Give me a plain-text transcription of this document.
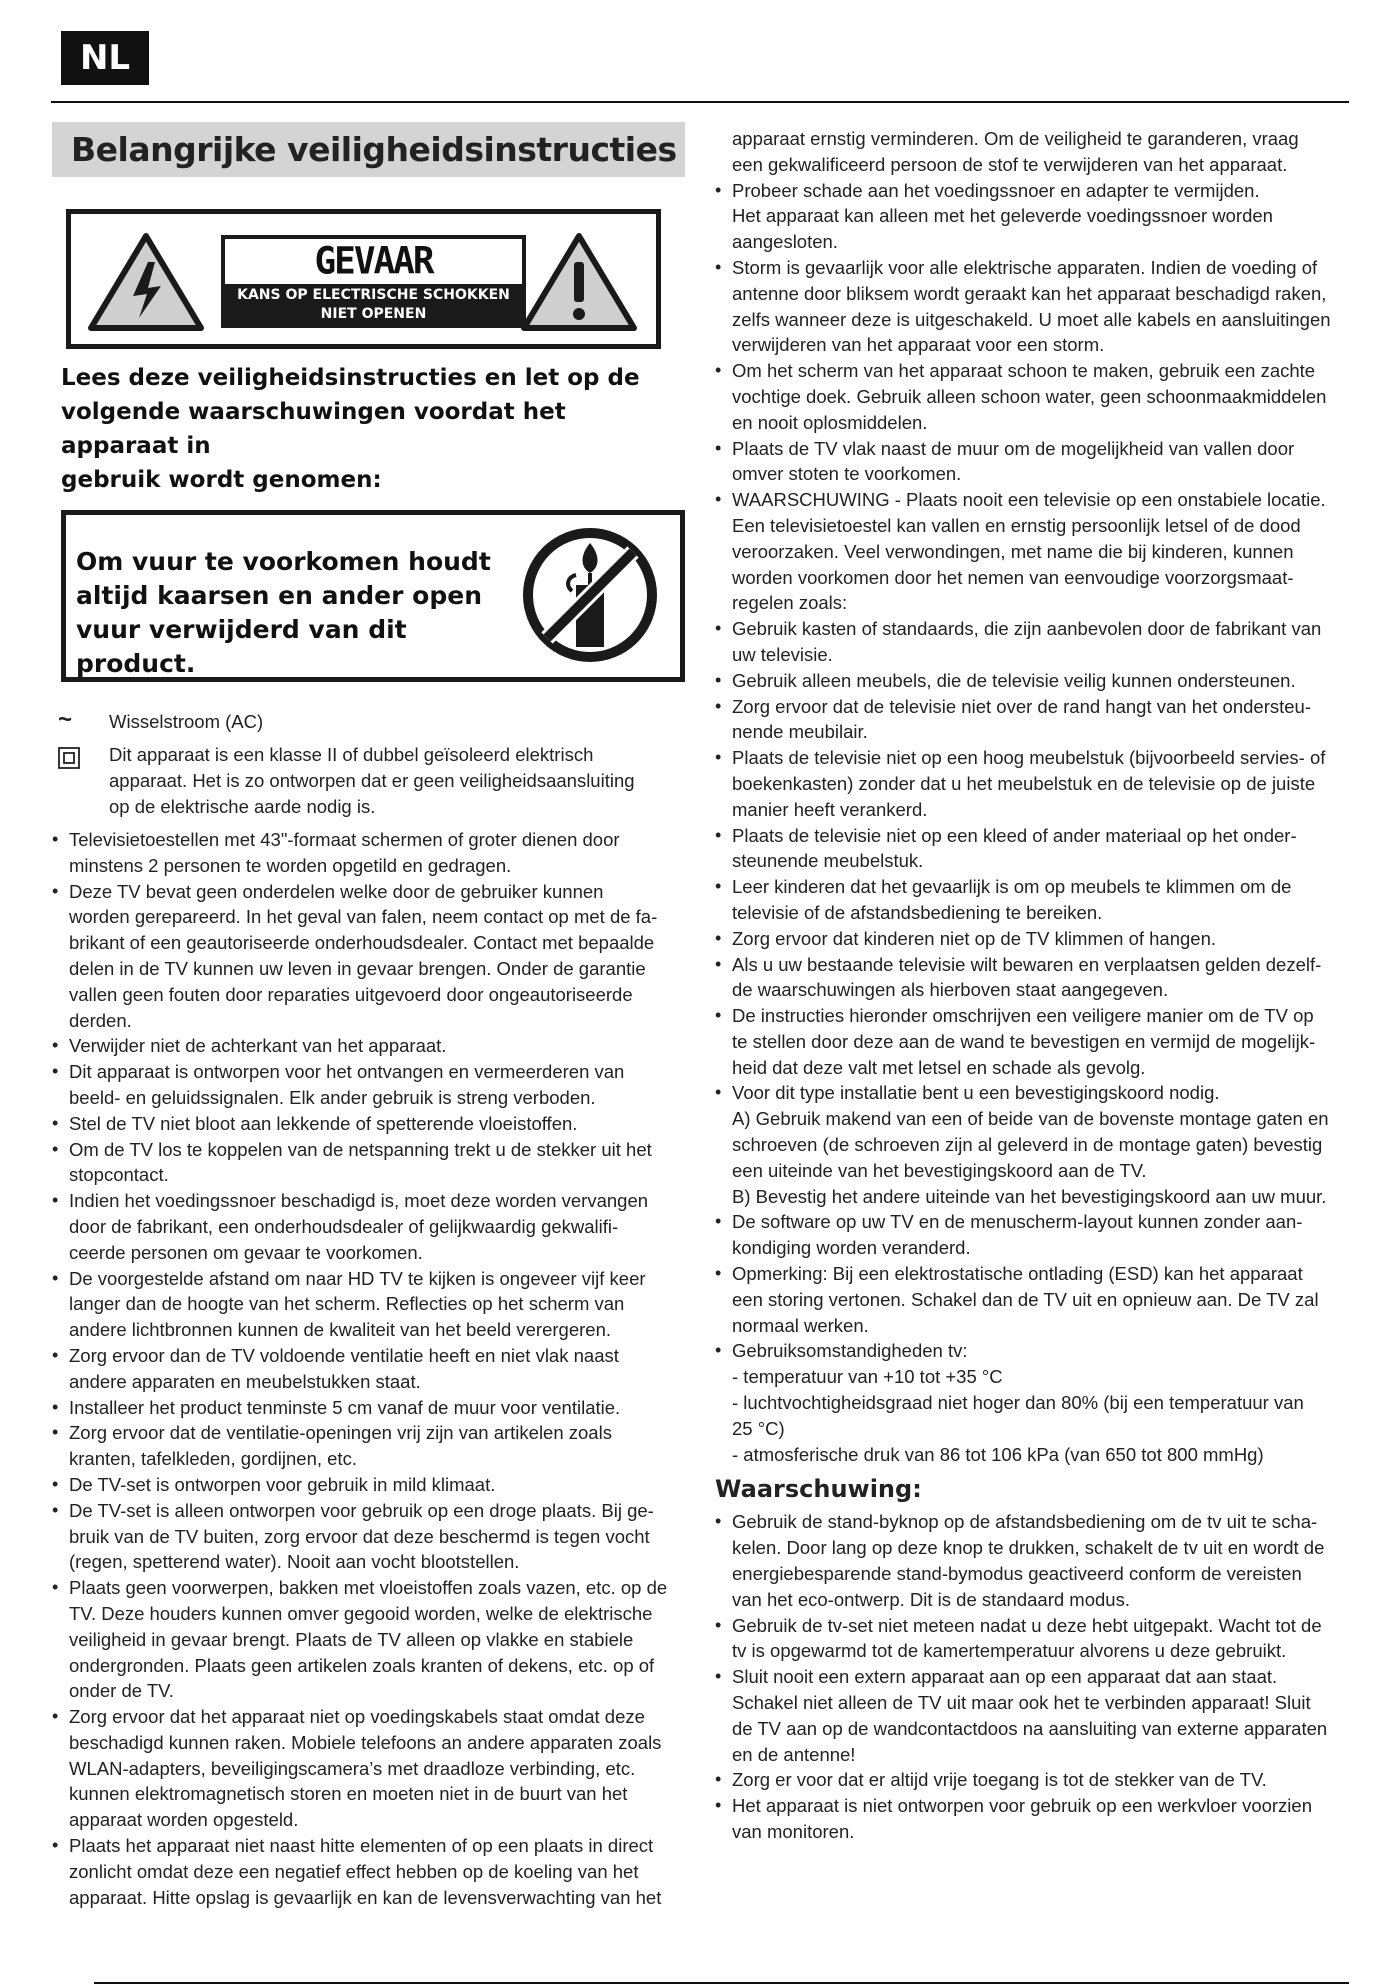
NL
Belangrijke veiligheidsinstructies
GEVAAR
KANS OP ELECTRISCHE SCHOKKEN
NIET OPENEN
Lees deze veiligheidsinstructies en let op de
volgende waarschuwingen voordat het apparaat in
gebruik wordt genomen:
Om vuur te voorkomen houdt
altijd kaarsen en ander open
vuur verwijderd van dit product.
~ Wisselstroom (AC)
Dit apparaat is een klasse II of dubbel geïsoleerd elektrisch
apparaat. Het is zo ontworpen dat er geen veiligheidsaansluiting
op de elektrische aarde nodig is.
• Televisietoestellen met 43"-formaat schermen of groter dienen door
minstens 2 personen te worden opgetild en gedragen.
• Deze TV bevat geen onderdelen welke door de gebruiker kunnen
worden gerepareerd. In het geval van falen, neem contact op met de fa-
brikant of een geautoriseerde onderhoudsdealer. Contact met bepaalde
delen in de TV kunnen uw leven in gevaar brengen. Onder de garantie
vallen geen fouten door reparaties uitgevoerd door ongeautoriseerde
derden.
• Verwijder niet de achterkant van het apparaat.
• Dit apparaat is ontworpen voor het ontvangen en vermeerderen van
beeld- en geluidssignalen. Elk ander gebruik is streng verboden.
• Stel de TV niet bloot aan lekkende of spetterende vloeistoffen.
• Om de TV los te koppelen van de netspanning trekt u de stekker uit het
stopcontact.
• Indien het voedingssnoer beschadigd is, moet deze worden vervangen
door de fabrikant, een onderhoudsdealer of gelijkwaardig gekwalifi-
ceerde personen om gevaar te voorkomen.
• De voorgestelde afstand om naar HD TV te kijken is ongeveer vijf keer
langer dan de hoogte van het scherm. Reflecties op het scherm van
andere lichtbronnen kunnen de kwaliteit van het beeld verergeren.
• Zorg ervoor dan de TV voldoende ventilatie heeft en niet vlak naast
andere apparaten en meubelstukken staat.
• Installeer het product tenminste 5 cm vanaf de muur voor ventilatie.
• Zorg ervoor dat de ventilatie-openingen vrij zijn van artikelen zoals
kranten, tafelkleden, gordijnen, etc.
• De TV-set is ontworpen voor gebruik in mild klimaat.
• De TV-set is alleen ontworpen voor gebruik op een droge plaats. Bij ge-
bruik van de TV buiten, zorg ervoor dat deze beschermd is tegen vocht
(regen, spetterend water). Nooit aan vocht blootstellen.
• Plaats geen voorwerpen, bakken met vloeistoffen zoals vazen, etc. op de
TV. Deze houders kunnen omver gegooid worden, welke de elektrische
veiligheid in gevaar brengt. Plaats de TV alleen op vlakke en stabiele
ondergronden. Plaats geen artikelen zoals kranten of dekens, etc. op of
onder de TV.
• Zorg ervoor dat het apparaat niet op voedingskabels staat omdat deze
beschadigd kunnen raken. Mobiele telefoons an andere apparaten zoals
WLAN-adapters, beveiligingscamera’s met draadloze verbinding, etc.
kunnen elektromagnetisch storen en moeten niet in de buurt van het
apparaat worden opgesteld.
• Plaats het apparaat niet naast hitte elementen of op een plaats in direct
zonlicht omdat deze een negatief effect hebben op de koeling van het
apparaat. Hitte opslag is gevaarlijk en kan de levensverwachting van het
apparaat ernstig verminderen. Om de veiligheid te garanderen, vraag
een gekwalificeerd persoon de stof te verwijderen van het apparaat.
• Probeer schade aan het voedingssnoer en adapter te vermijden.
Het apparaat kan alleen met het geleverde voedingssnoer worden
aangesloten.
• Storm is gevaarlijk voor alle elektrische apparaten. Indien de voeding of
antenne door bliksem wordt geraakt kan het apparaat beschadigd raken,
zelfs wanneer deze is uitgeschakeld. U moet alle kabels en aansluitingen
verwijderen van het apparaat voor een storm.
• Om het scherm van het apparaat schoon te maken, gebruik een zachte
vochtige doek. Gebruik alleen schoon water, geen schoonmaakmiddelen
en nooit oplosmiddelen.
• Plaats de TV vlak naast de muur om de mogelijkheid van vallen door
omver stoten te voorkomen.
• WAARSCHUWING - Plaats nooit een televisie op een onstabiele locatie.
Een televisietoestel kan vallen en ernstig persoonlijk letsel of de dood
veroorzaken. Veel verwondingen, met name die bij kinderen, kunnen
worden voorkomen door het nemen van eenvoudige voorzorgsmaat-
regelen zoals:
• Gebruik kasten of standaards, die zijn aanbevolen door de fabrikant van
uw televisie.
• Gebruik alleen meubels, die de televisie veilig kunnen ondersteunen.
• Zorg ervoor dat de televisie niet over de rand hangt van het ondersteu-
nende meubilair.
• Plaats de televisie niet op een hoog meubelstuk (bijvoorbeeld servies- of
boekenkasten) zonder dat u het meubelstuk en de televisie op de juiste
manier heeft verankerd.
• Plaats de televisie niet op een kleed of ander materiaal op het onder-
steunende meubelstuk.
• Leer kinderen dat het gevaarlijk is om op meubels te klimmen om de
televisie of de afstandsbediening te bereiken.
• Zorg ervoor dat kinderen niet op de TV klimmen of hangen.
• Als u uw bestaande televisie wilt bewaren en verplaatsen gelden dezelf-
de waarschuwingen als hierboven staat aangegeven.
• De instructies hieronder omschrijven een veiligere manier om de TV op
te stellen door deze aan de wand te bevestigen en vermijd de mogelijk-
heid dat deze valt met letsel en schade als gevolg.
• Voor dit type installatie bent u een bevestigingskoord nodig.
A) Gebruik makend van een of beide van de bovenste montage gaten en
schroeven (de schroeven zijn al geleverd in de montage gaten) bevestig
een uiteinde van het bevestigingskoord aan de TV.
B) Bevestig het andere uiteinde van het bevestigingskoord aan uw muur.
• De software op uw TV en de menuscherm-layout kunnen zonder aan-
kondiging worden veranderd.
• Opmerking: Bij een elektrostatische ontlading (ESD) kan het apparaat
een storing vertonen. Schakel dan de TV uit en opnieuw aan. De TV zal
normaal werken.
• Gebruiksomstandigheden tv:
- temperatuur van +10 tot +35 °C
- luchtvochtigheidsgraad niet hoger dan 80% (bij een temperatuur van
25 °C)
- atmosferische druk van 86 tot 106 kPa (van 650 tot 800 mmHg)
Waarschuwing:
• Gebruik de stand-byknop op de afstandsbediening om de tv uit te scha-
kelen. Door lang op deze knop te drukken, schakelt de tv uit en wordt de
energiebesparende stand-bymodus geactiveerd conform de vereisten
van het eco-ontwerp. Dit is de standaard modus.
• Gebruik de tv-set niet meteen nadat u deze hebt uitgepakt. Wacht tot de
tv is opgewarmd tot de kamertemperatuur alvorens u deze gebruikt.
• Sluit nooit een extern apparaat aan op een apparaat dat aan staat.
Schakel niet alleen de TV uit maar ook het te verbinden apparaat! Sluit
de TV aan op de wandcontactdoos na aansluiting van externe apparaten
en de antenne!
• Zorg er voor dat er altijd vrije toegang is tot de stekker van de TV.
• Het apparaat is niet ontworpen voor gebruik op een werkvloer voorzien
van monitoren.
